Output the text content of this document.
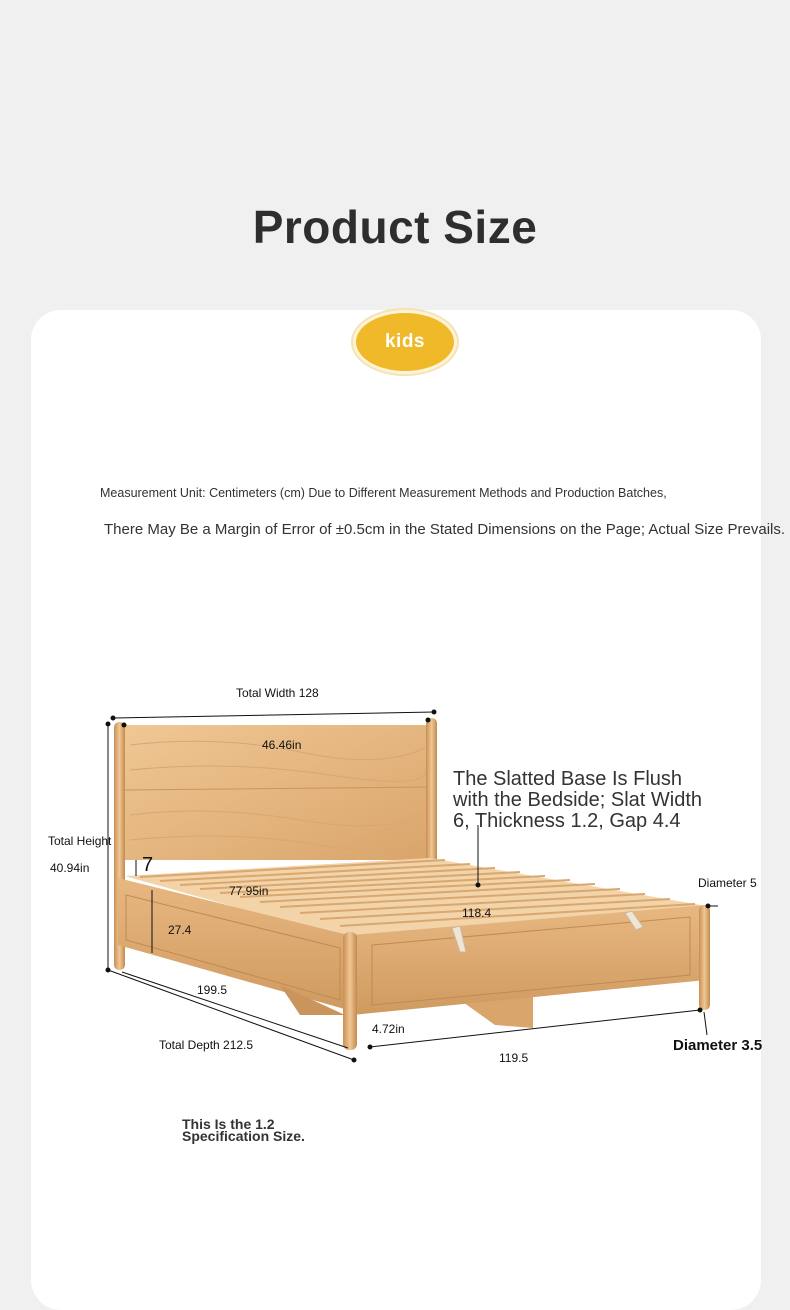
Product Size
kids
Measurement Unit: Centimeters (cm) Due to Different Measurement Methods and Production Batches,
There May Be a Margin of Error of ±0.5cm in the Stated Dimensions on the Page; Actual Size Prevails.
Total Width 128
46.46in
Total Height
40.94in	7
77.95in
27.4
118.4
199.5
Total Depth 212.5
4.72in
119.5
Diameter 5
Diameter 3.5
The Slatted Base Is Flush with the Bedside; Slat Width 6, Thickness 1.2, Gap 4.4
This Is the 1.2 Specification Size.
